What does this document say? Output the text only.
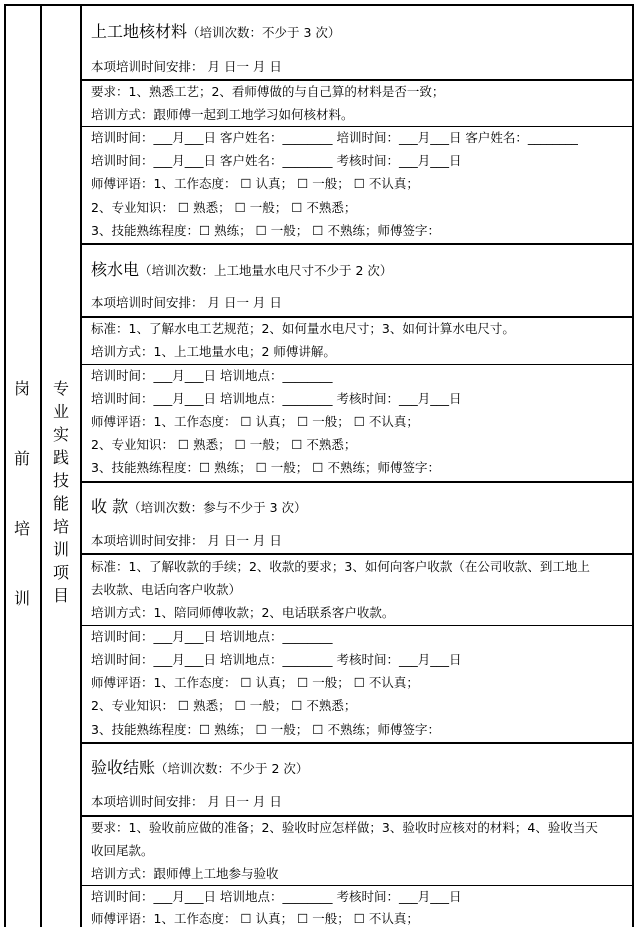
岗
前
培
训
专
业
实
践
技
能
培
训
项
目
上工地核材料（培训次数：不少于 3 次）
本项培训时间安排： 月 日一 月 日
要求：1、熟悉工艺；2、看师傅做的与自己算的材料是否一致；
培训方式：跟师傅一起到工地学习如何核材料。
培训时间：___月___日 客户姓名：________ 培训时间：___月___日 客户姓名：________
培训时间：___月___日 客户姓名：________ 考核时间：___月___日
师傅评语：1、工作态度： ☐ 认真； ☐ 一般； ☐ 不认真；
2、专业知识： ☐ 熟悉； ☐ 一般； ☐ 不熟悉；
3、技能熟练程度：☐ 熟练； ☐ 一般； ☐ 不熟练；师傅签字：
核水电（培训次数：上工地量水电尺寸不少于 2 次）
本项培训时间安排： 月 日一 月 日
标准：1、了解水电工艺规范；2、如何量水电尺寸；3、如何计算水电尺寸。
培训方式：1、上工地量水电；2 师傅讲解。
培训时间：___月___日 培训地点：________
培训时间：___月___日 培训地点：________ 考核时间：___月___日
师傅评语：1、工作态度： ☐ 认真； ☐ 一般； ☐ 不认真；
2、专业知识： ☐ 熟悉； ☐ 一般； ☐ 不熟悉；
3、技能熟练程度：☐ 熟练； ☐ 一般； ☐ 不熟练；师傅签字：
收 款（培训次数：参与不少于 3 次）
本项培训时间安排： 月 日一 月 日
标准：1、了解收款的手续；2、收款的要求；3、如何向客户收款（在公司收款、到工地上
去收款、电话向客户收款）
培训方式：1、陪同师傅收款；2、电话联系客户收款。
培训时间：___月___日 培训地点：________
培训时间：___月___日 培训地点：________ 考核时间：___月___日
师傅评语：1、工作态度： ☐ 认真； ☐ 一般； ☐ 不认真；
2、专业知识： ☐ 熟悉； ☐ 一般； ☐ 不熟悉；
3、技能熟练程度：☐ 熟练； ☐ 一般； ☐ 不熟练；师傅签字：
验收结账（培训次数：不少于 2 次）
本项培训时间安排： 月 日一 月 日
要求：1、验收前应做的准备；2、验收时应怎样做；3、验收时应核对的材料；4、验收当天
收回尾款。
培训方式：跟师傅上工地参与验收
培训时间：___月___日 培训地点：________ 考核时间：___月___日
师傅评语：1、工作态度： ☐ 认真； ☐ 一般； ☐ 不认真；
